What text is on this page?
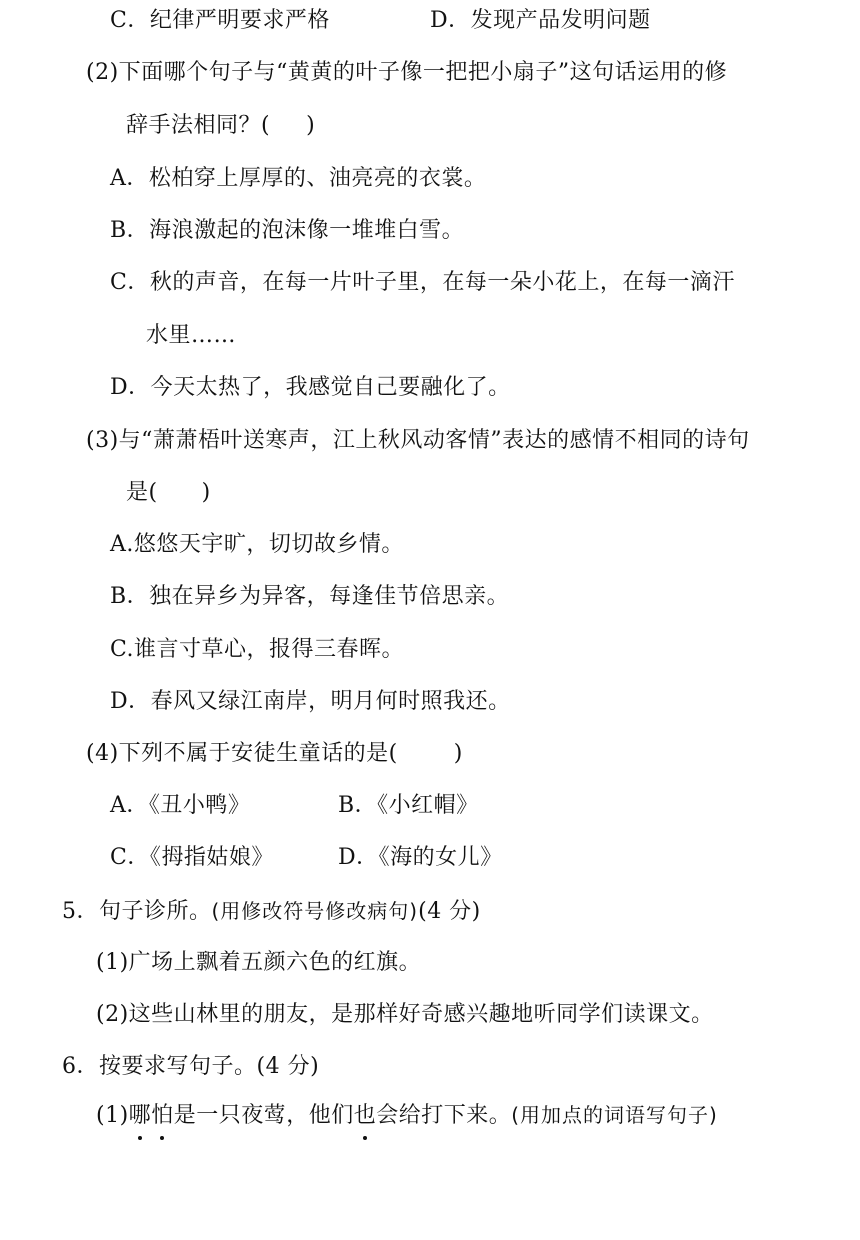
C．纪律严明要求严格	D．发现产品发明问题
(2)下面哪个句子与“黄黄的叶子像一把把小扇子”这句话运用的修
辞手法相同？( )
A．松柏穿上厚厚的、油亮亮的衣裳。
B．海浪激起的泡沫像一堆堆白雪。
C．秋的声音，在每一片叶子里，在每一朵小花上，在每一滴汗
水里……
D．今天太热了，我感觉自己要融化了。
(3)与“萧萧梧叶送寒声，江上秋风动客情”表达的感情不相同的诗句
是( )
A.悠悠天宇旷，切切故乡情。
B．独在异乡为异客，每逢佳节倍思亲。
C.谁言寸草心，报得三春晖。
D．春风又绿江南岸，明月何时照我还。
(4)下列不属于安徒生童话的是(	)
A．《丑小鸭》	B．《小红帽》
C．《拇指姑娘》	D．《海的女儿》
5．句子诊所。(用修改符号修改病句)(4 分)
(1)广场上飘着五颜六色的红旗。
(2)这些山林里的朋友，是那样好奇感兴趣地听同学们读课文。
6．按要求写句子。(4 分)
(1)哪
怕
是一只夜莺，他们也
会给打下来。(用加点的词语写句子)
